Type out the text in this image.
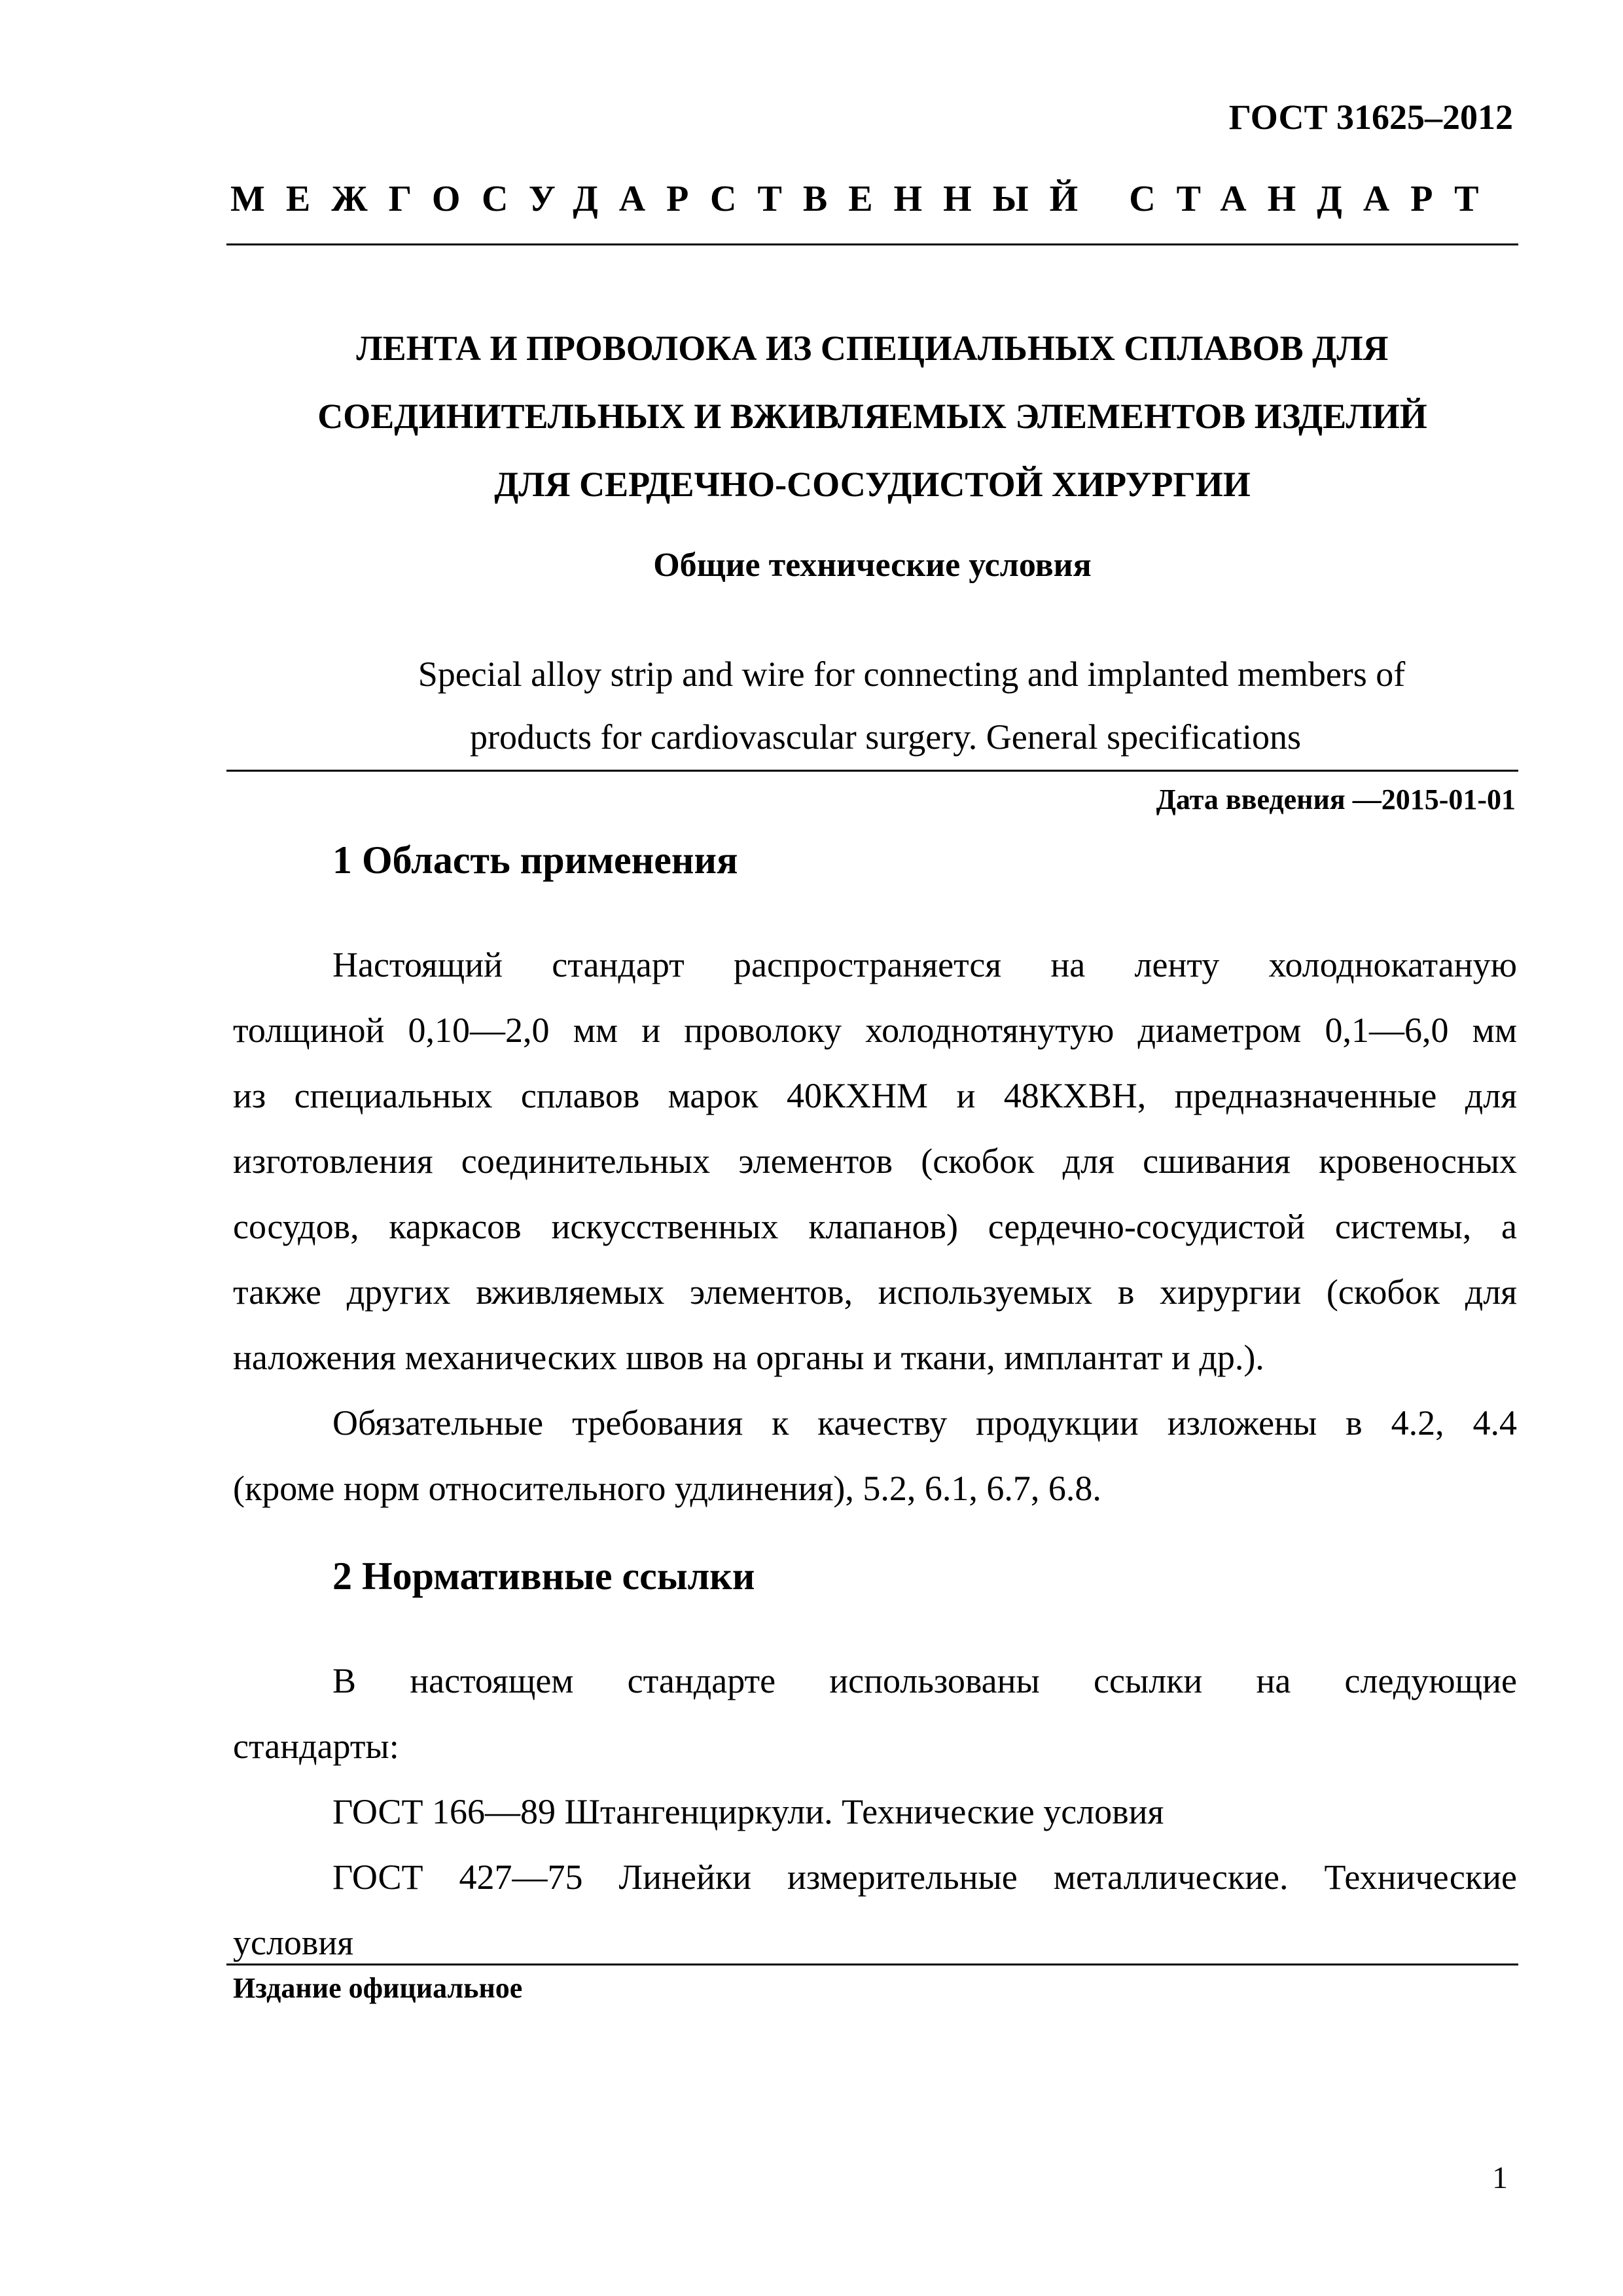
ГОСТ 31625–2012
МЕЖГОСУДАРСТВЕННЫЙ СТАНДАРТ
ЛЕНТА И ПРОВОЛОКА ИЗ СПЕЦИАЛЬНЫХ СПЛАВОВ ДЛЯ
СОЕДИНИТЕЛЬНЫХ И ВЖИВЛЯЕМЫХ ЭЛЕМЕНТОВ ИЗДЕЛИЙ
ДЛЯ СЕРДЕЧНО-СОСУДИСТОЙ ХИРУРГИИ
Общие технические условия
Special alloy strip and wire for connecting and implanted members of
products for cardiovascular surgery. General specifications
Дата введения —2015-01-01
1 Область применения
Настоящий стандарт распространяется на ленту холоднокатаную
толщиной 0,10—2,0 мм и проволоку холоднотянутую диаметром 0,1—6,0 мм
из специальных сплавов марок 40КХНМ и 48КХВН, предназначенные для
изготовления соединительных элементов (скобок для сшивания кровеносных
сосудов, каркасов искусственных клапанов) сердечно-сосудистой системы, а
также других вживляемых элементов, используемых в хирургии (скобок для
наложения механических швов на органы и ткани, имплантат и др.).
Обязательные требования к качеству продукции изложены в 4.2, 4.4
(кроме норм относительного удлинения), 5.2, 6.1, 6.7, 6.8.
2 Нормативные ссылки
В настоящем стандарте использованы ссылки на следующие
стандарты:
ГОСТ 166—89 Штангенциркули. Технические условия
ГОСТ 427—75 Линейки измерительные металлические. Технические
условия
Издание официальное
1
